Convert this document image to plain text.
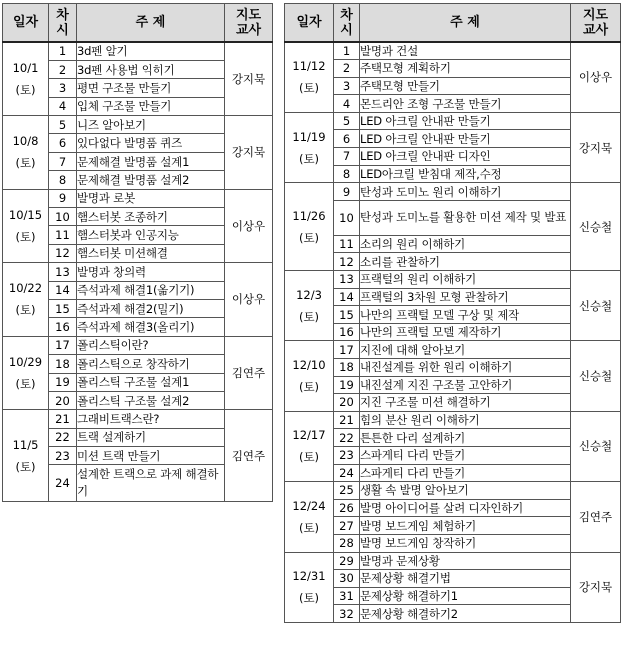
일자	차
시	주 제	지도
교사

10/1
(토)	1	3d펜 알기	강지묵
	2	3d펜 사용법 익히기	
	3	평면 구조물 만들기	
	4	입체 구조물 만들기	

10/8
(토)	5	니즈 알아보기	강지묵
	6	있다없다 발명품 퀴즈	
	7	문제해결 발명품 설계1	
	8	문제해결 발명품 설계2	

10/15
(토)	9	발명과 로봇	이상우
	10	햄스터봇 조종하기	
	11	햄스터봇과 인공지능	
	12	햄스터봇 미션해결	

10/22
(토)	13	발명과 창의력	이상우
	14	즉석과제 해결1(옮기기)	
	15	즉석과제 해결2(밀기)	
	16	즉석과제 해결3(올리기)	

10/29
(토)	17	폴리스틱이란?	김연주
	18	폴리스틱으로 창작하기	
	19	폴리스틱 구조물 설계1	
	20	폴리스틱 구조물 설계2	

11/5
(토)	21	그래비트랙스란?	김연주
	22	트랙 설계하기	
	23	미션 트랙 만들기	
	24	설계한 트랙으로 과제 해결하기	
일자	차
시	주 제	지도
교사

11/12
(토)	1	발명과 건설	이상우
	2	주택모형 계획하기	
	3	주택모형 만들기	
	4	몬드리안 조형 구조물 만들기	

11/19
(토)	5	LED 아크릴 안내판 만들기	강지묵
	6	LED 아크릴 안내판 만들기	
	7	LED 아크릴 안내판 디자인	
	8	LED아크릴 받침대 제작,수정	

11/26
(토)	9	탄성과 도미노 원리 이해하기	신승철
	10	탄성과 도미노를 활용한 미션 제작 및 발표	
	11	소리의 원리 이해하기	
	12	소리를 관찰하기	

12/3
(토)	13	프랙털의 원리 이해하기	신승철
	14	프랙털의 3차원 모형 관찰하기	
	15	나만의 프랙털 모델 구상 및 제작	
	16	나만의 프랙털 모델 제작하기	

12/10
(토)	17	지진에 대해 알아보기	신승철
	18	내진설계를 위한 원리 이해하기	
	19	내진설계 지진 구조물 고안하기	
	20	지진 구조물 미션 해결하기	

12/17
(토)	21	힘의 분산 원리 이해하기	신승철
	22	튼튼한 다리 설계하기	
	23	스파게티 다리 만들기	
	24	스파게티 다리 만들기	

12/24
(토)	25	생활 속 발명 알아보기	김연주
	26	발명 아이디어를 살려 디자인하기	
	27	발명 보드게임 체험하기	
	28	발명 보드게임 창작하기	

12/31
(토)	29	발명과 문제상황	강지묵
	30	문제상황 해결기법	
	31	문제상황 해결하기1	
	32	문제상황 해결하기2	
